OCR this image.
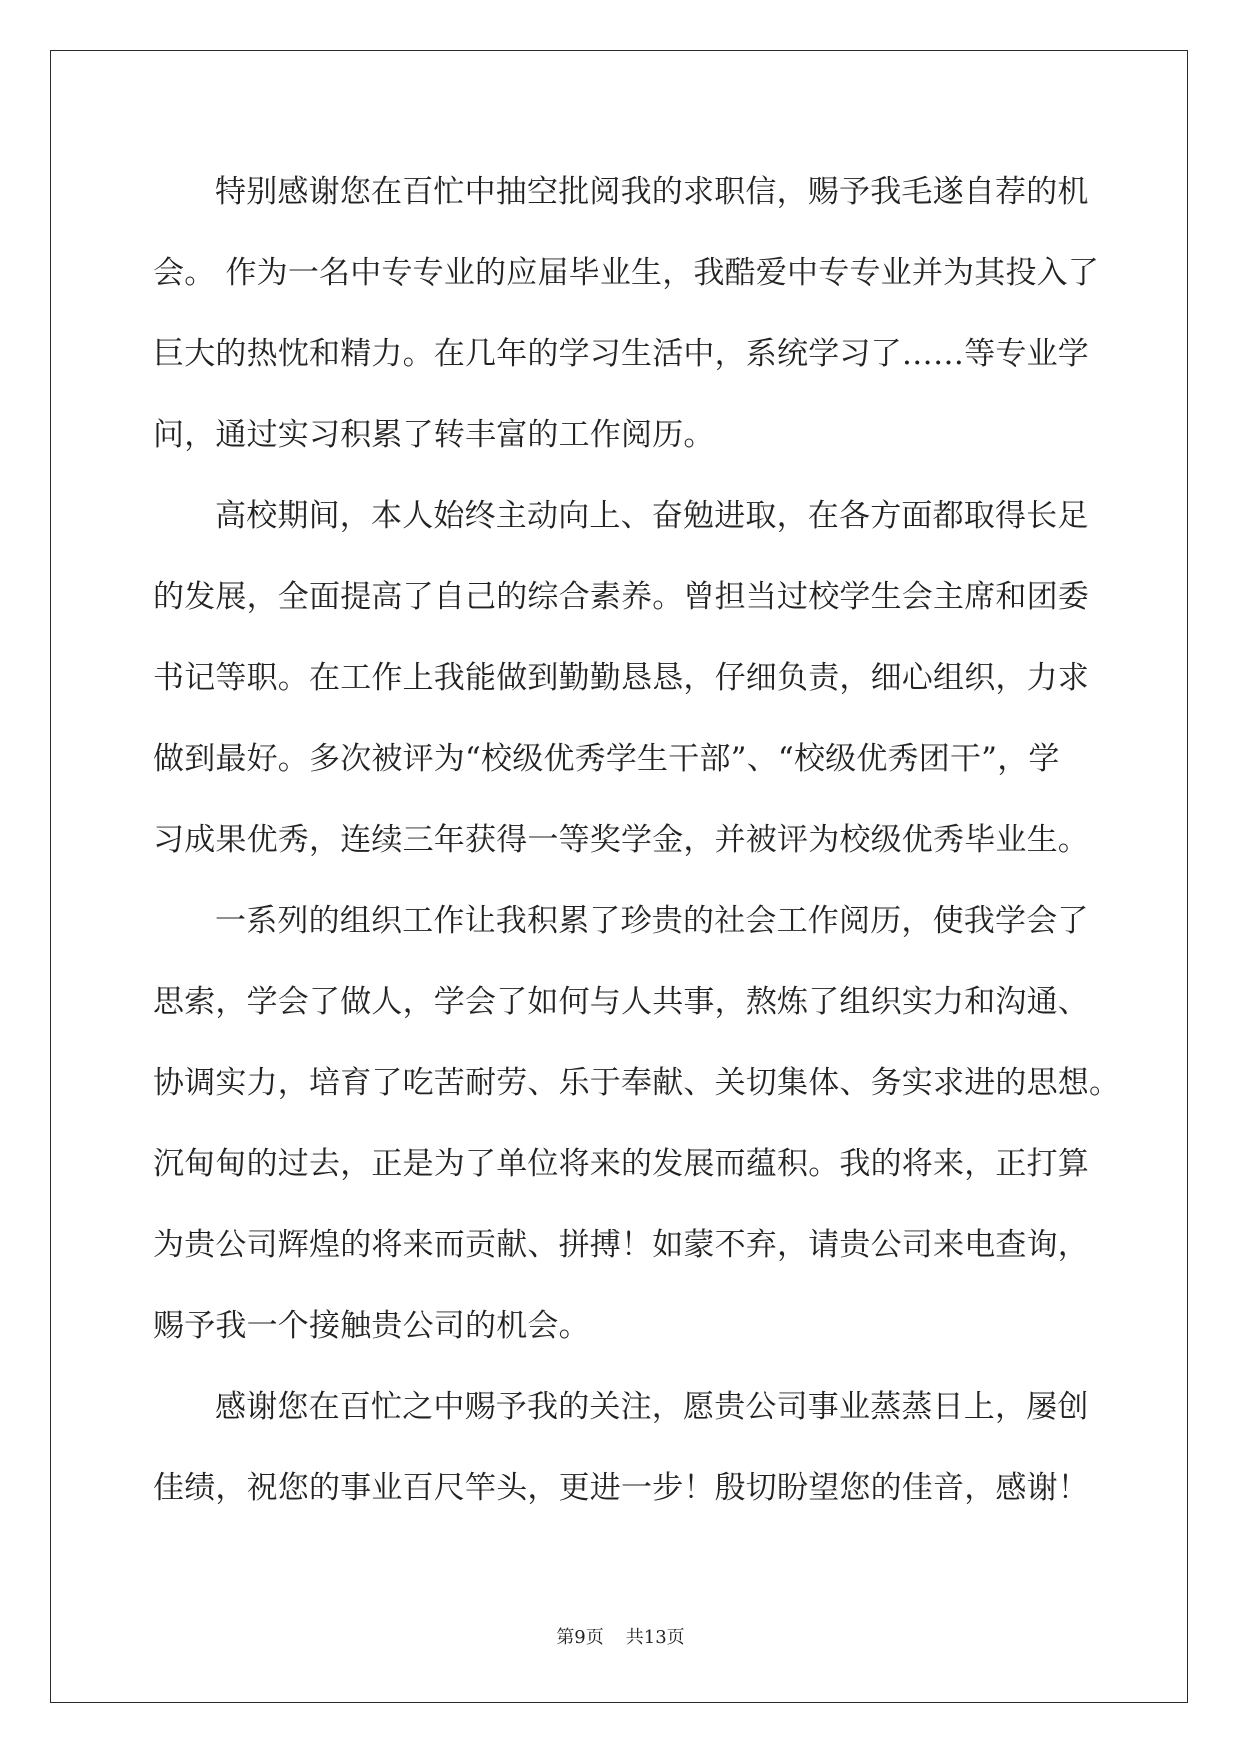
特别感谢您在百忙中抽空批阅我的求职信，赐予我毛遂自荐的机
会。 作为一名中专专业的应届毕业生，我酷爱中专专业并为其投入了
巨大的热忱和精力。在几年的学习生活中，系统学习了……等专业学
问，通过实习积累了转丰富的工作阅历。
高校期间，本人始终主动向上、奋勉进取，在各方面都取得长足
的发展，全面提高了自己的综合素养。曾担当过校学生会主席和团委
书记等职。在工作上我能做到勤勤恳恳，仔细负责，细心组织，力求
做到最好。多次被评为“校级优秀学生干部”、“校级优秀团干”，学
习成果优秀，连续三年获得一等奖学金，并被评为校级优秀毕业生。
一系列的组织工作让我积累了珍贵的社会工作阅历，使我学会了
思索，学会了做人，学会了如何与人共事，熬炼了组织实力和沟通、
协调实力，培育了吃苦耐劳、乐于奉献、关切集体、务实求进的思想。
沉甸甸的过去，正是为了单位将来的发展而蕴积。我的将来，正打算
为贵公司辉煌的将来而贡献、拼搏！如蒙不弃，请贵公司来电查询，
赐予我一个接触贵公司的机会。
感谢您在百忙之中赐予我的关注，愿贵公司事业蒸蒸日上，屡创
佳绩，祝您的事业百尺竿头，更进一步！殷切盼望您的佳音，感谢！
第9页 共13页
